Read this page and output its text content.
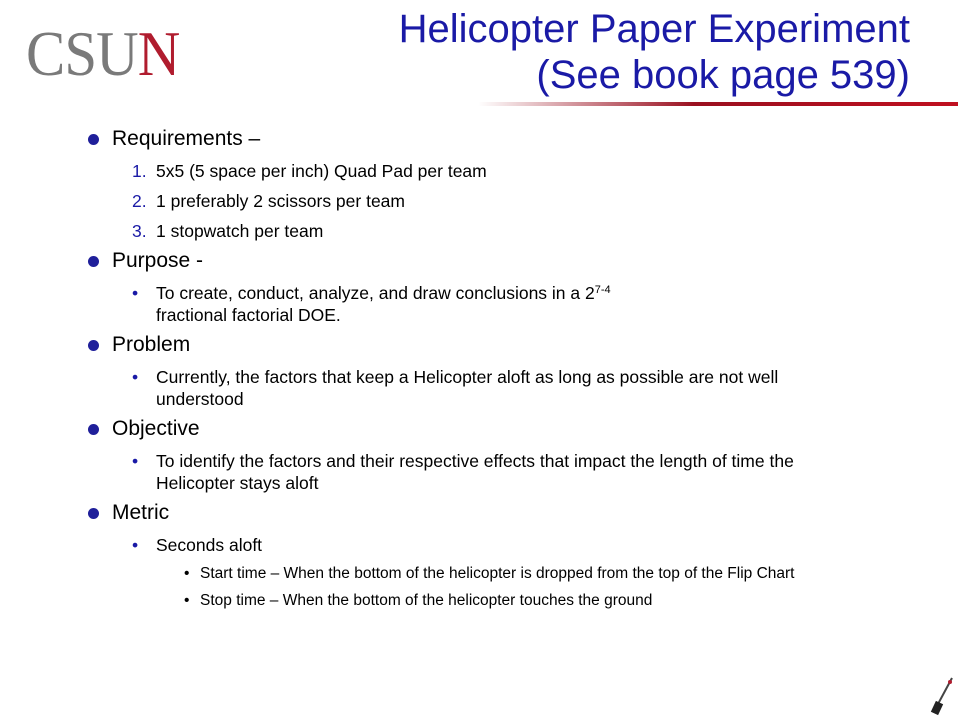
CSUN	Helicopter Paper Experiment
(See book page 539)
Requirements –
1. 5x5 (5 space per inch) Quad Pad per team
2. 1 preferably 2 scissors per team
3. 1 stopwatch per team
Purpose -
• To create, conduct, analyze, and draw conclusions in a 2$^{7-4}$
fractional factorial DOE.
Problem
• Currently, the factors that keep a Helicopter aloft as long as possible are not well understood
Objective
• To identify the factors and their respective effects that impact the length of time the Helicopter stays aloft
Metric
• Seconds aloft
• Start time – When the bottom of the helicopter is dropped from the top of the Flip Chart
• Stop time – When the bottom of the helicopter touches the ground
